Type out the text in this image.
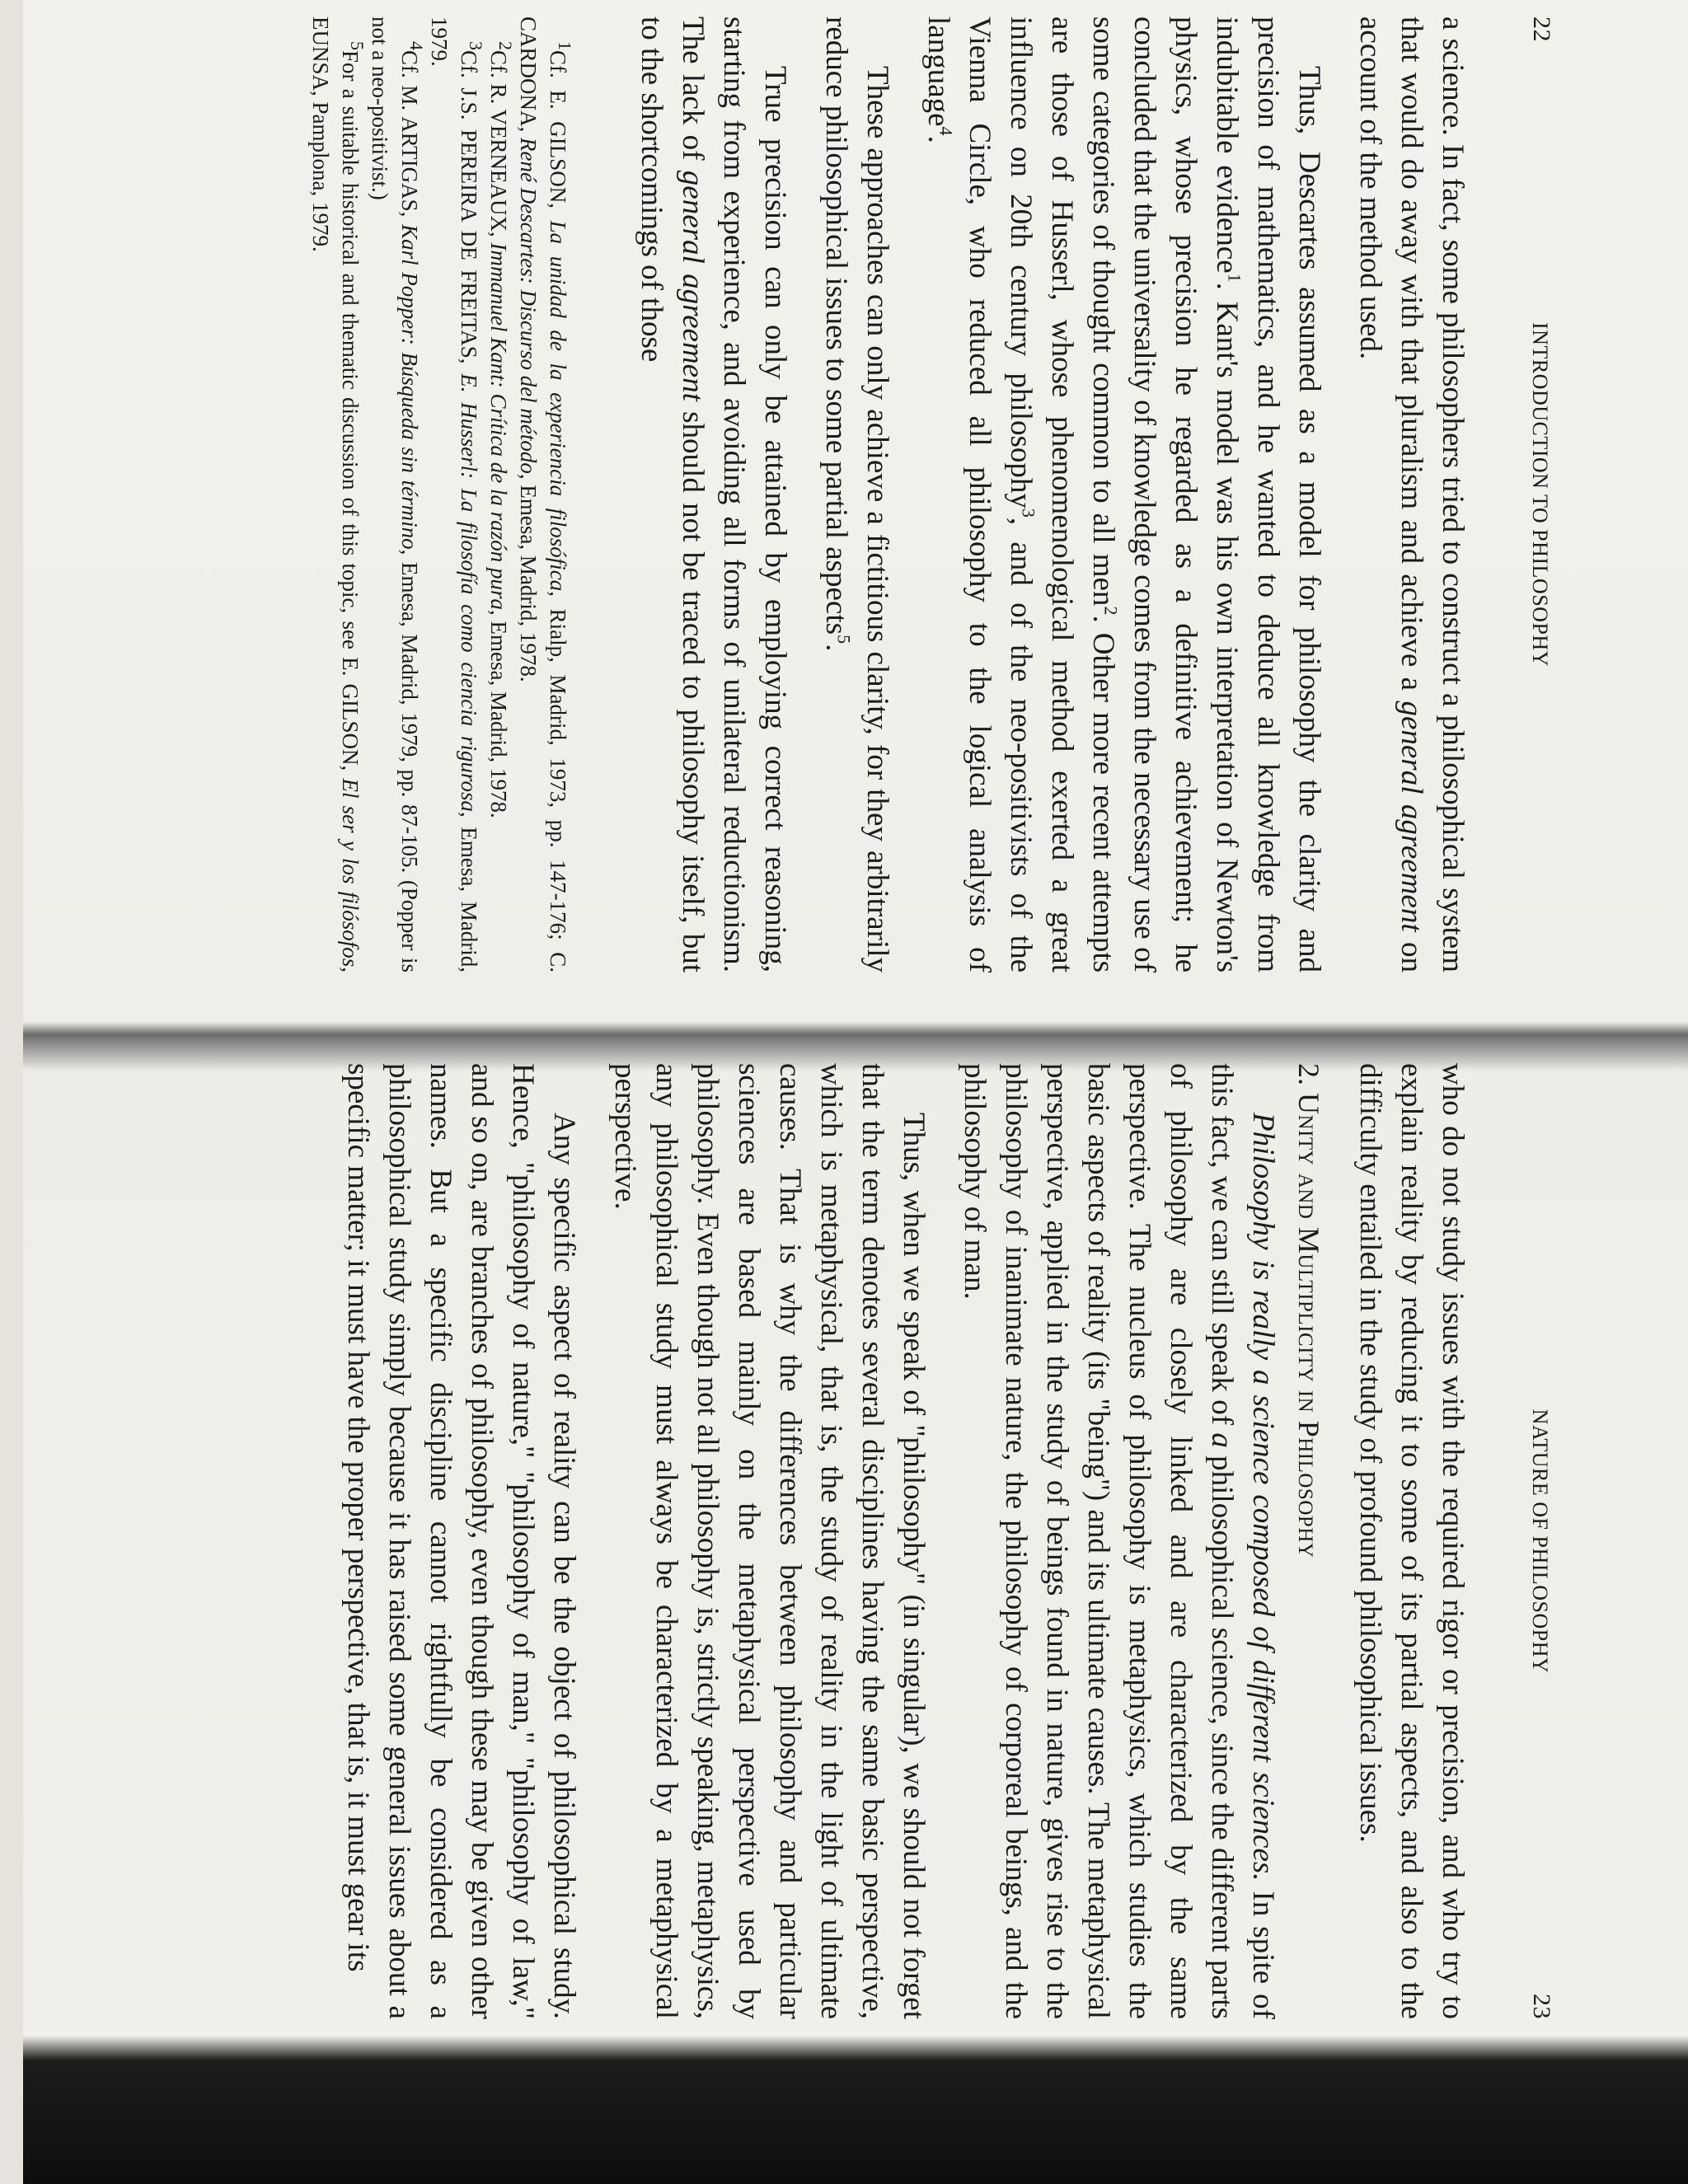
22
INTRODUCTION TO PHILOSOPHY

a science. In fact, some philosophers tried to construct a philosophical system that would do away with that pluralism and achieve a general agreement on account of the method used.

Thus, Descartes assumed as a model for philosophy the clarity and precision of mathematics, and he wanted to deduce all knowledge from indubitable evidence$^1$. Kant's model was his own interpretation of Newton's physics, whose precision he regarded as a definitive achievement; he concluded that the universality of knowledge comes from the necessary use of some categories of thought common to all men$^2$. Other more recent attempts are those of Husserl, whose phenomenological method exerted a great influence on 20th century philosophy$^3$, and of the neo-positivists of the Vienna Circle, who reduced all philosophy to the logical analysis of language$^4$.

These approaches can only achieve a fictitious clarity, for they arbitrarily reduce philosophical issues to some partial aspects$^5$.

True precision can only be attained by employing correct reasoning, starting from experience, and avoiding all forms of unilateral reductionism. The lack of general agreement should not be traced to philosophy itself, but to the shortcomings of those

$^1$Cf. E. GILSON, La unidad de la experiencia filosófica, Rialp, Madrid, 1973, pp. 147-176; C. CARDONA, René Descartes: Discurso del método, Emesa, Madrid, 1978.

$^2$Cf. R. VERNEAUX, Immanuel Kant: Crítica de la razón pura, Emesa, Madrid, 1978.

$^3$Cf. J.S. PEREIRA DE FREITAS, E. Husserl: La filosofía como ciencia rigurosa, Emesa, Madrid, 1979.

$^4$Cf. M. ARTIGAS, Karl Popper: Búsqueda sin término, Emesa, Madrid, 1979, pp. 87-105. (Popper is not a neo-positivist.)

$^5$For a suitable historical and thematic discussion of this topic, see E. GILSON, El ser y los filósofos, EUNSA, Pamplona, 1979.

NATURE OF PHILOSOPHY
23

who do not study issues with the required rigor or precision, and who try to explain reality by reducing it to some of its partial aspects, and also to the difficulty entailed in the study of profound philosophical issues.

2. Unity and Multiplicity in Philosophy

Philosophy is really a science composed of different sciences. In spite of this fact, we can still speak of a philosophical science, since the different parts of philosophy are closely linked and are characterized by the same perspective. The nucleus of philosophy is metaphysics, which studies the basic aspects of reality (its "being") and its ultimate causes. The metaphysical perspective, applied in the study of beings found in nature, gives rise to the philosophy of inanimate nature, the philosophy of corporeal beings, and the philosophy of man.

Thus, when we speak of "philosophy" (in singular), we should not forget that the term denotes several disciplines having the same basic perspective, which is metaphysical, that is, the study of reality in the light of ultimate causes. That is why the differences between philosophy and particular sciences are based mainly on the metaphysical perspective used by philosophy. Even though not all philosophy is, strictly speaking, metaphysics, any philosophical study must always be characterized by a metaphysical perspective.

Any specific aspect of reality can be the object of philosophical study. Hence, "philosophy of nature," "philosophy of man," "philosophy of law," and so on, are branches of philosophy, even though these may be given other names. But a specific discipline cannot rightfully be considered as a philosophical study simply because it has raised some general issues about a specific matter; it must have the proper perspective, that is, it must gear its
